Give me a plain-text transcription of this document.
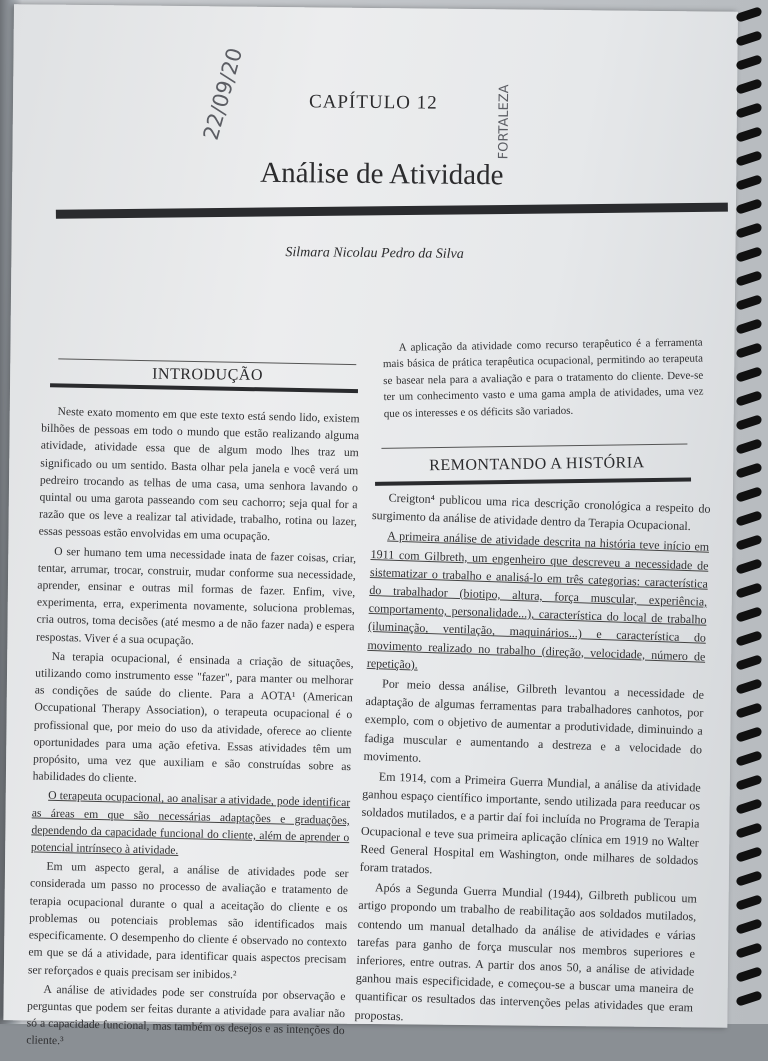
CAPÍTULO 12
22/09/20	FORTALEZA
Análise de Atividade
Silmara Nicolau Pedro da Silva
INTRODUÇÃO

A aplicação da atividade como recurso terapêutico é a ferramenta mais básica de prática terapêutica ocupacional, permitindo ao terapeuta se basear nela para a avaliação e para o tratamento do cliente. Deve-se ter um conhecimento vasto e uma gama ampla de atividades, uma vez que os interesses e os déficits são variados.

REMONTANDO A HISTÓRIA

Neste exato momento em que este texto está sendo lido, existem bilhões de pessoas em todo o mundo que estão realizando alguma atividade, atividade essa que de algum modo lhes traz um significado ou um sentido. Basta olhar pela janela e você verá um pedreiro trocando as telhas de uma casa, uma senhora lavando o quintal ou uma garota passeando com seu cachorro; seja qual for a razão que os leve a realizar tal atividade, trabalho, rotina ou lazer, essas pessoas estão envolvidas em uma ocupação.

O ser humano tem uma necessidade inata de fazer coisas, criar, tentar, arrumar, trocar, construir, mudar conforme sua necessidade, aprender, ensinar e outras mil formas de fazer. Enfim, vive, experimenta, erra, experimenta novamente, soluciona problemas, cria outros, toma decisões (até mesmo a de não fazer nada) e espera respostas. Viver é a sua ocupação.

Na terapia ocupacional, é ensinada a criação de situações, utilizando como instrumento esse "fazer", para manter ou melhorar as condições de saúde do cliente. Para a AOTA¹ (American Occupational Therapy Association), o terapeuta ocupacional é o profissional que, por meio do uso da atividade, oferece ao cliente oportunidades para uma ação efetiva. Essas atividades têm um propósito, uma vez que auxiliam e são construídas sobre as habilidades do cliente.

O terapeuta ocupacional, ao analisar a atividade, pode identificar as áreas em que são necessárias adaptações e graduações, dependendo da capacidade funcional do cliente, além de aprender o potencial intrínseco à atividade.

Em um aspecto geral, a análise de atividades pode ser considerada um passo no processo de avaliação e tratamento de terapia ocupacional durante o qual a aceitação do cliente e os problemas ou potenciais problemas são identificados mais especificamente. O desempenho do cliente é observado no contexto em que se dá a atividade, para identificar quais aspectos precisam ser reforçados e quais precisam ser inibidos.²

A análise de atividades pode ser construída por observação e perguntas que podem ser feitas durante a atividade para avaliar não só a capacidade funcional, mas também os desejos e as intenções do cliente.³

Creigton⁴ publicou uma rica descrição cronológica a respeito do surgimento da análise de atividade dentro da Terapia Ocupacional.

A primeira análise de atividade descrita na história teve início em 1911 com Gilbreth, um engenheiro que descreveu a necessidade de sistematizar o trabalho e analisá-lo em três categorias: característica do trabalhador (biotipo, altura, força muscular, experiência, comportamento, personalidade...), característica do local de trabalho (iluminação, ventilação, maquinários...) e característica do movimento realizado no trabalho (direção, velocidade, número de repetição).

Por meio dessa análise, Gilbreth levantou a necessidade de adaptação de algumas ferramentas para trabalhadores canhotos, por exemplo, com o objetivo de aumentar a produtividade, diminuindo a fadiga muscular e aumentando a destreza e a velocidade do movimento.

Em 1914, com a Primeira Guerra Mundial, a análise da atividade ganhou espaço científico importante, sendo utilizada para reeducar os soldados mutilados, e a partir daí foi incluída no Programa de Terapia Ocupacional e teve sua primeira aplicação clínica em 1919 no Walter Reed General Hospital em Washington, onde milhares de soldados foram tratados.

Após a Segunda Guerra Mundial (1944), Gilbreth publicou um artigo propondo um trabalho de reabilitação aos soldados mutilados, contendo um manual detalhado da análise de atividades e várias tarefas para ganho de força muscular nos membros superiores e inferiores, entre outras. A partir dos anos 50, a análise de atividade ganhou mais especificidade, e começou-se a buscar uma maneira de quantificar os resultados das intervenções pelas atividades que eram propostas.
